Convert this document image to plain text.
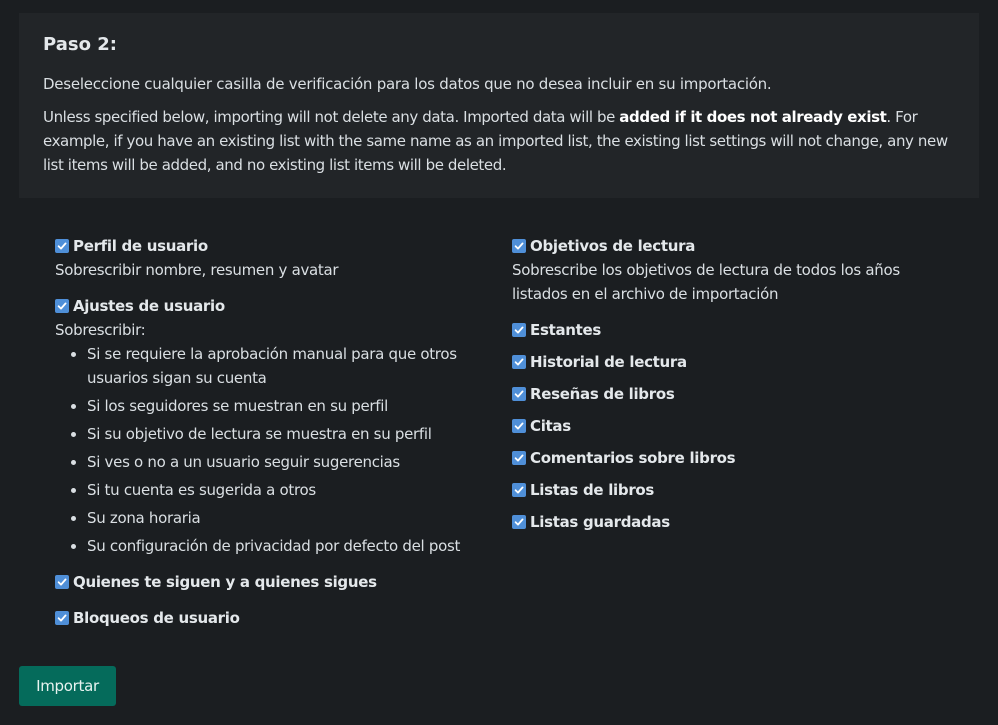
Paso 2:

Deseleccione cualquier casilla de verificación para los datos que no desea incluir en su importación.

Unless specified below, importing will not delete any data. Imported data will be added if it does not already exist. For example, if you have an existing list with the same name as an imported list, the existing list settings will not change, any new list items will be added, and no existing list items will be deleted.

Perfil de usuario
Sobrescribir nombre, resumen y avatar
Ajustes de usuario
Sobrescribir:
• Si se requiere la aprobación manual para que otros usuarios sigan su cuenta
• Si los seguidores se muestran en su perfil
• Si su objetivo de lectura se muestra en su perfil
• Si ves o no a un usuario seguir sugerencias
• Si tu cuenta es sugerida a otros
• Su zona horaria
• Su configuración de privacidad por defecto del post
Quienes te siguen y a quienes sigues
Bloqueos de usuario
Objetivos de lectura
Sobrescribe los objetivos de lectura de todos los años listados en el archivo de importación
Estantes
Historial de lectura
Reseñas de libros
Citas
Comentarios sobre libros
Listas de libros
Listas guardadas
Importar
